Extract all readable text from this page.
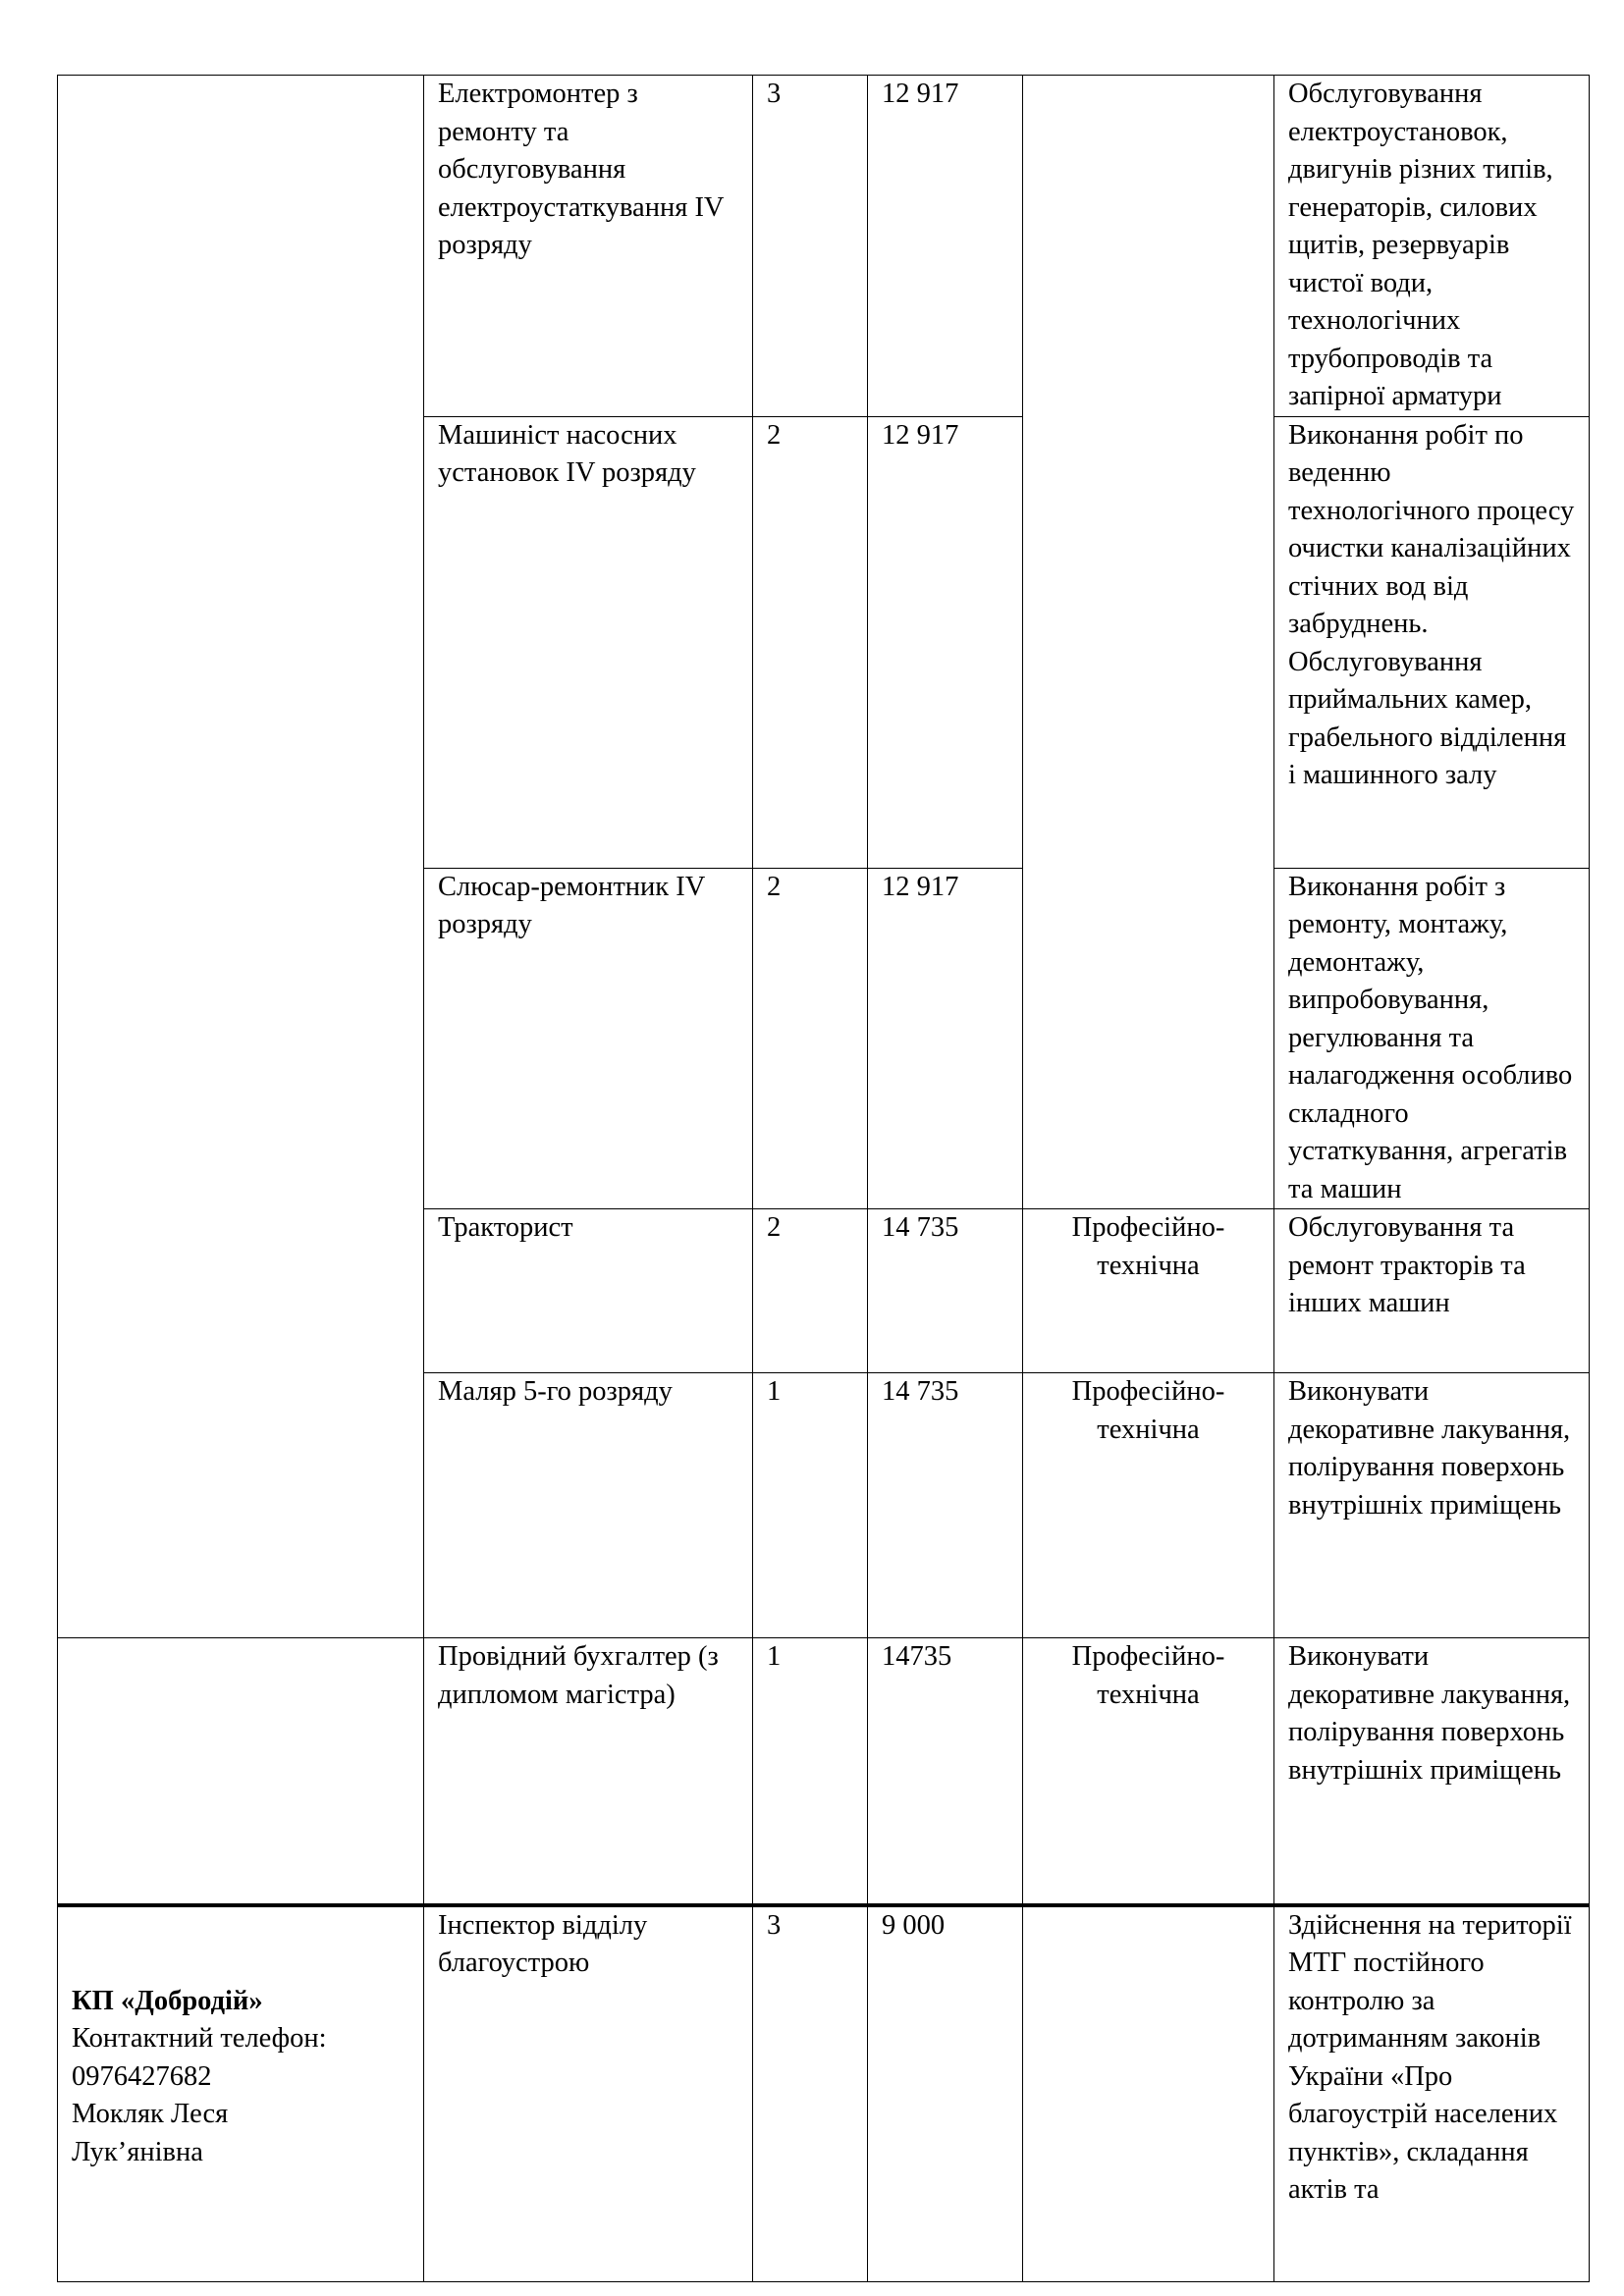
	Електромонтер з ремонту та обслуговування електроустаткування IV розряду	3	12 917		Обслуговування електроустановок, двигунів різних типів, генераторів, силових щитів, резервуарів чистої води, технологічних трубопроводів та запірної арматури
	Машиніст насосних установок IV розряду	2	12 917		Виконання робіт по веденню технологічного процесу очистки каналізаційних стічних вод від забруднень. Обслуговування приймальних камер, грабельного відділення і машинного залу
	Слюсар-ремонтник IV розряду	2	12 917		Виконання робіт з ремонту, монтажу, демонтажу, випробовування, регулювання та налагодження особливо складного устаткування, агрегатів та машин
	Тракторист	2	14 735	Професійно-технічна	Обслуговування та ремонт тракторів та інших машин
	Маляр 5-го розряду	1	14 735	Професійно-технічна	Виконувати декоративне лакування, полірування поверхонь внутрішніх приміщень
	Провідний бухгалтер (з дипломом магістра)	1	14735	Професійно-технічна	Виконувати декоративне лакування, полірування поверхонь внутрішніх приміщень

КП «Добродій»
Контактний телефон:
0976427682
Мокляк Леся
Лук’янівна	Інспектор відділу благоустрою	3	9 000		Здійснення на території МТГ постійного контролю за дотриманням законів України «Про благоустрій населених пунктів», складання актів та
